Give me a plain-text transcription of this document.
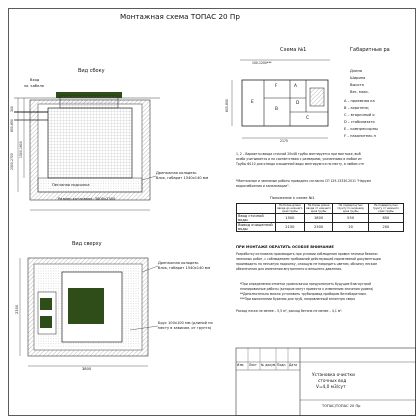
Монтажная схема ТОПАС 20 Пр
Вид сбоку
Вход
эл. кабеля
Песчаная подсыпка
Дренажная колодезь
блок, габарит 1540х140 мм
Размер котлована: 3800х2300
300
600-850
2500-2700
1500-1600
Вид сверху
Дренажная колодезь
блок, габарит 1540х140 мм
Брус 100х100 мм (длиной по
месту в зависим. от грунта)
3800
2300
Схема №1
100-1200***
2170
600-850	E
F	A
B
D
C
Габаритные ра
Длина
Ширина
Высота
Вес, макс.
А – приемная ка
В – аэротенк;
С – вторичный о
D – стабилизато
E – компрессорны
F – накопитель п
1, 2 – Варианты ввода сточной 20х48 трубы монтируется при монтаже, выб
особо учитывается и по соответствию с размерами, указанными в любом из
Трубы Ф110 для отвода очищенной воды монтируются по месту, в любом сте
*Монтажные и земляные работы проводить согласно СП 129.13330.2011 "Наружн
водоснабжения и канализации".
Положение к схеме №1
	Не более длина ввода до нижнего края трубы	Не более длина ввода от нижнего края трубы	Не подвергнутых грунту по нижнему края трубы	Не подвергнутых грунту от нижнего края трубы
Ввод сточной воды	1500	1800	550	850
Вывод очищенной воды	2150	2300	20	200
ПРИ МОНТАЖЕ ОБРАТИТЬ ОСОБОЕ ВНИМАНИЕ
Разработку котлована производить при условии соблюдения правил техники безопас
земляных работ, с соблюдением требований действующей нормативной документации
производить на песчаную подсыпку, слоящую не повредить цветом, обсыпку песком
обеспечения для изменения внутреннего и внешнего давления.
*При определении отметки уровня вачки предусмотреть будущие благоустрой
планировочные работы (которые могут привести к изменению значения уровня)
**Дополнительно можно установить трубопровод приборам безгабаритным.
***При выполнении бурения для труб, направленный вплотную сверх
Расход песка не менее – 5,5 м³, расход бетона не менее – 4,1 м³.
Изм. Лист № докум. Подп. Дата
Установка очистки
сточных вод
V=4,0 м3/сут
ТОПАС/ТОПАС 20 Пр
